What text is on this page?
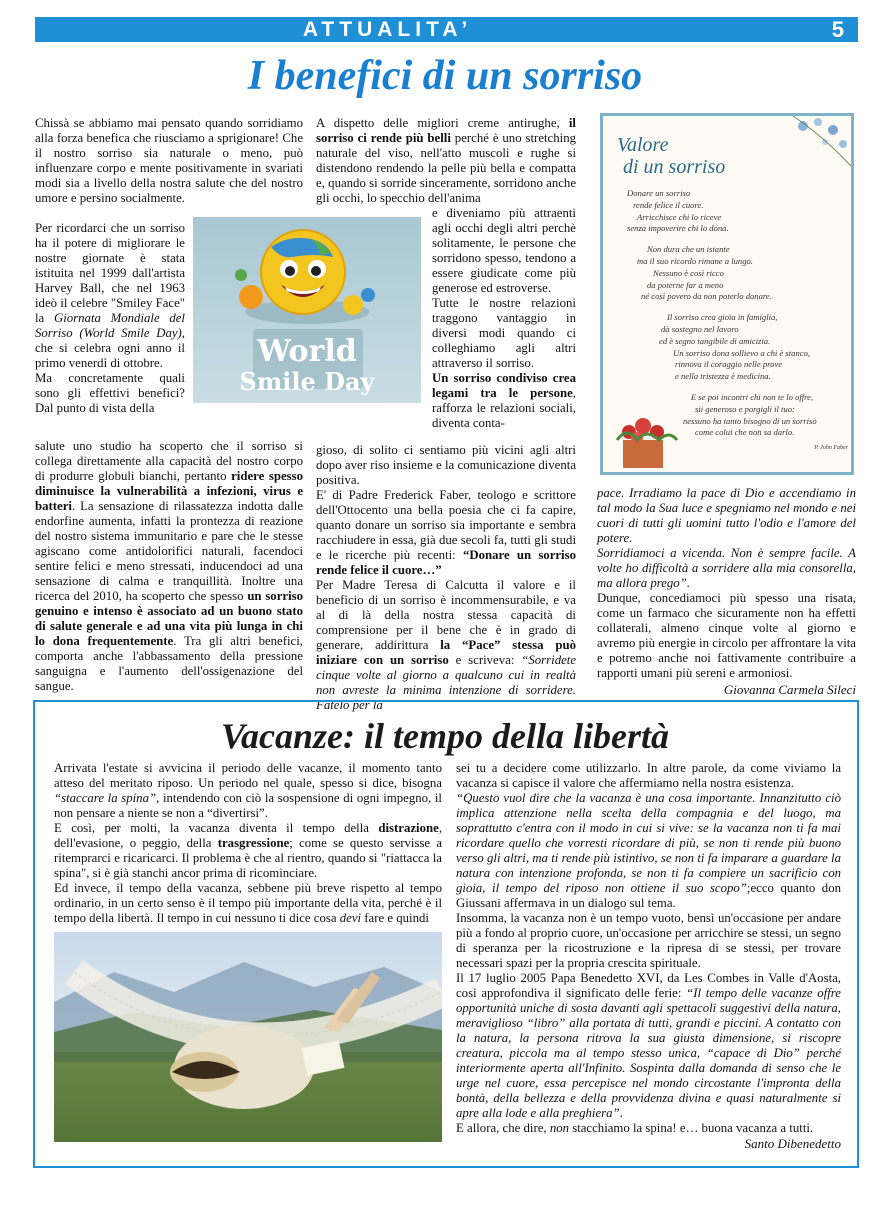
ATTUALITA’	5
I benefici di un sorriso

Chissà se abbiamo mai pensato quando sorridiamo alla forza benefica che riusciamo a sprigionare! Che il nostro sorriso sia naturale o meno, può influenzare corpo e mente positivamente in svariati modi sia a livello della nostra salute che del nostro umore e persino socialmente.

Per ricordarci che un sorriso ha il potere di migliorare le nostre giornate è stata istituita nel 1999 dall'artista Harvey Ball, che nel 1963 ideò il celebre "Smiley Face" la Giornata Mondiale del Sorriso (World Smile Day), che si celebra ogni anno il primo venerdì di ottobre.

Ma concretamente quali sono gli effettivi benefici? Dal punto di vista della

World
Smile Day

salute uno studio ha scoperto che il sorriso si collega direttamente alla capacità del nostro corpo di produrre globuli bianchi, pertanto ridere spesso diminuisce la vulnerabilità a infezioni, virus e batteri. La sensazione di rilassatezza indotta dalle endorfine aumenta, infatti la prontezza di reazione del nostro sistema immunitario e pare che le stesse agiscano come antidolorifici naturali, facendoci sentire felici e meno stressati, inducendoci ad una sensazione di calma e tranquillità. Inoltre una ricerca del 2010, ha scoperto che spesso un sorriso genuino e intenso è associato ad un buono stato di salute generale e ad una vita più lunga in chi lo dona frequentemente. Tra gli altri benefici, comporta anche l'abbassamento della pressione sanguigna e l'aumento dell'ossigenazione del sangue.

A dispetto delle migliori creme antirughe, il sorriso ci rende più belli perché è uno stretching naturale del viso, nell'atto muscoli e rughe si distendono rendendo la pelle più bella e compatta e, quando si sorride sinceramente, sorridono anche gli occhi, lo specchio dell'anima

e diveniamo più attraenti agli occhi degli altri perchè solitamente, le persone che sorridono spesso, tendono a essere giudicate come più generose ed estroverse.

Tutte le nostre relazioni traggono vantaggio in diversi modi quando ci colleghiamo agli altri attraverso il sorriso.

Un sorriso condiviso crea legami tra le persone, rafforza le relazioni sociali, diventa conta-

gioso, di solito ci sentiamo più vicini agli altri dopo aver riso insieme e la comunicazione diventa positiva.

E' di Padre Frederick Faber, teologo e scrittore dell'Ottocento una bella poesia che ci fa capire, quanto donare un sorriso sia importante e sembra racchiudere in essa, già due secoli fa, tutti gli studi e le ricerche più recenti: “Donare un sorriso rende felice il cuore…”

Per Madre Teresa di Calcutta il valore e il beneficio di un sorriso è incommensurabile, e va al di là della nostra stessa capacità di comprensione per il bene che è in grado di generare, addirittura la “Pace” stessa può iniziare con un sorriso e scriveva: “Sorridete cinque volte al giorno a qualcuno cui in realtà non avreste la minima intenzione di sorridere. Fatelo per la

Valore
di un sorriso
Donare un sorriso
rende felice il cuore.
Arricchisce chi lo riceve
senza impoverire chi lo dona.
Non dura che un istante
ma il suo ricordo rimane a lungo.
Nessuno è così ricco
da poterne far a meno
né così povero da non poterlo donare.
Il sorriso crea gioia in famiglia,
dà sostegno nel lavoro
ed è segno tangibile di amicizia.
Un sorriso dona sollievo a chi è stanco,
rinnova il coraggio nelle prove
e nella tristezza è medicina.
E se poi incontri chi non te lo offre,
sii generoso e porgigli il tuo:
nessuno ha tanto bisogno di un sorriso
come colui che non sa darlo.
P. John Faber

pace. Irradiamo la pace di Dio e accendiamo in tal modo la Sua luce e spegniamo nel mondo e nei cuori di tutti gli uomini tutto l'odio e l'amore del potere.

Sorridiamoci a vicenda. Non è sempre facile. A volte ho difficoltà a sorridere alla mia consorella, ma allora prego”.

Dunque, concediamoci più spesso una risata, come un farmaco che sicuramente non ha effetti collaterali, almeno cinque volte al giorno e avremo più energie in circolo per affrontare la vita e potremo anche noi fattivamente contribuire a rapporti umani più sereni e armoniosi.

Giovanna Carmela Sileci
Vacanze: il tempo della libertà

Arrivata l'estate si avvicina il periodo delle vacanze, il momento tanto atteso del meritato riposo. Un periodo nel quale, spesso si dice, bisogna “staccare la spina”, intendendo con ciò la sospensione di ogni impegno, il non pensare a niente se non a “divertirsi”.

E così, per molti, la vacanza diventa il tempo della distrazione, dell'evasione, o peggio, della trasgressione; come se questo servisse a ritemprarci e ricaricarci. Il problema è che al rientro, quando si "riattacca la spina", si è già stanchi ancor prima di ricominciare.

Ed invece, il tempo della vacanza, sebbene più breve rispetto al tempo ordinario, in un certo senso è il tempo più importante della vita, perché è il tempo della libertà. Il tempo in cui nessuno ti dice cosa devi fare e quindi

sei tu a decidere come utilizzarlo. In altre parole, da come viviamo la vacanza si capisce il valore che affermiamo nella nostra esistenza.

“Questo vuol dire che la vacanza è una cosa importante. Innanzitutto ciò implica attenzione nella scelta della compagnia e del luogo, ma soprattutto c'entra con il modo in cui si vive: se la vacanza non ti fa mai ricordare quello che vorresti ricordare di più, se non ti rende più buono verso gli altri, ma ti rende più istintivo, se non ti fa imparare a guardare la natura con intenzione profonda, se non ti fa compiere un sacrificio con gioia, il tempo del riposo non ottiene il suo scopo”;ecco quanto don Giussani affermava in un dialogo sul tema.

Insomma, la vacanza non è un tempo vuoto, bensì un'occasione per andare più a fondo al proprio cuore, un'occasione per arricchire se stessi, un segno di speranza per la ricostruzione e la ripresa di se stessi, per trovare necessari spazi per la propria crescita spirituale.

Il 17 luglio 2005 Papa Benedetto XVI, da Les Combes in Valle d'Aosta, così approfondiva il significato delle ferie: “Il tempo delle vacanze offre opportunità uniche di sosta davanti agli spettacoli suggestivi della natura, meraviglioso “libro” alla portata di tutti, grandi e piccini. A contatto con la natura, la persona ritrova la sua giusta dimensione, si riscopre creatura, piccola ma al tempo stesso unica, “capace di Dio” perché interiormente aperta all'Infinito. Sospinta dalla domanda di senso che le urge nel cuore, essa percepisce nel mondo circostante l'impronta della bontà, della bellezza e della provvidenza divina e quasi naturalmente si apre alla lode e alla preghiera”.

E allora, che dire, non stacchiamo la spina! e… buona vacanza a tutti.

Santo Dibenedetto
